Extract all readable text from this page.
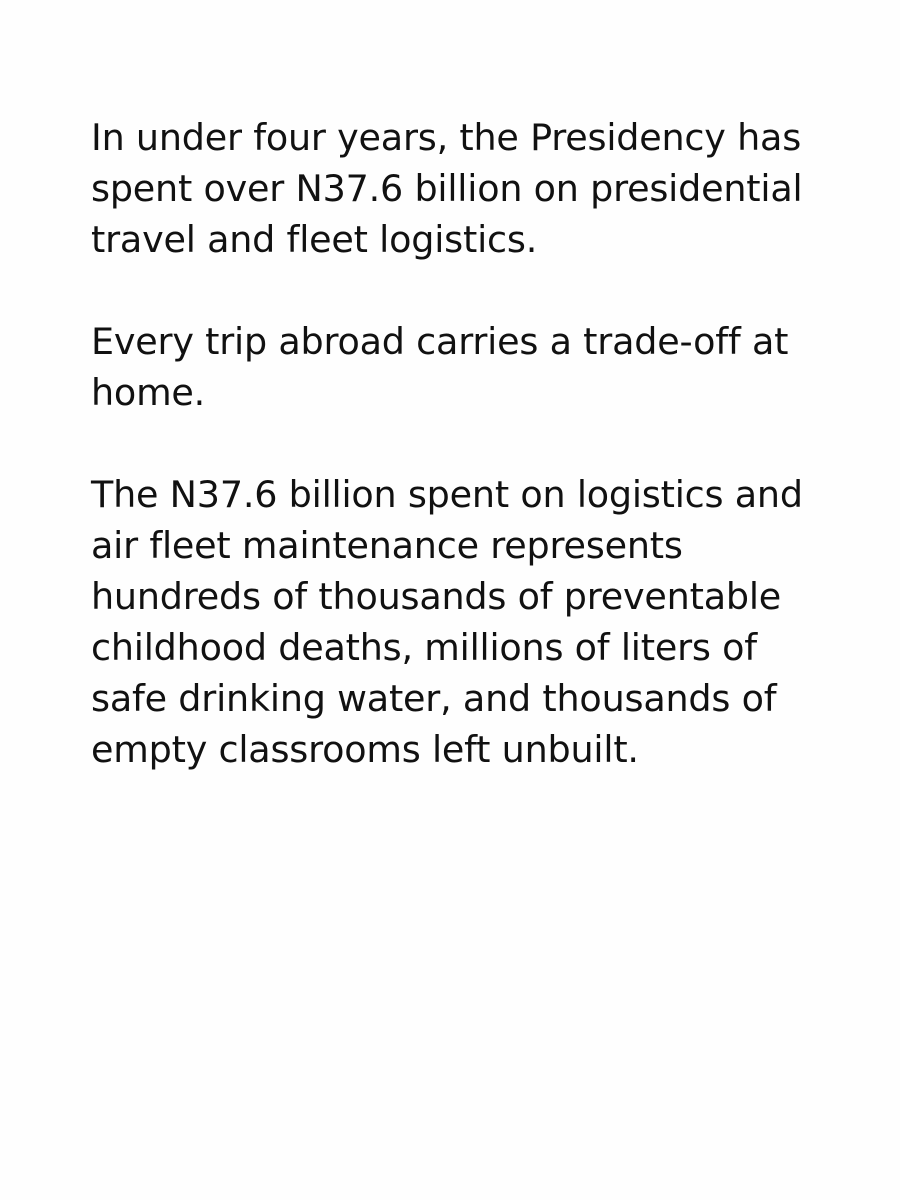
In under four years, the Presidency has spent over N37.6 billion on presidential travel and fleet logistics.

Every trip abroad carries a trade-off at home.

The N37.6 billion spent on logistics and air fleet maintenance represents hundreds of thousands of preventable childhood deaths, millions of liters of safe drinking water, and thousands of empty classrooms left unbuilt.
